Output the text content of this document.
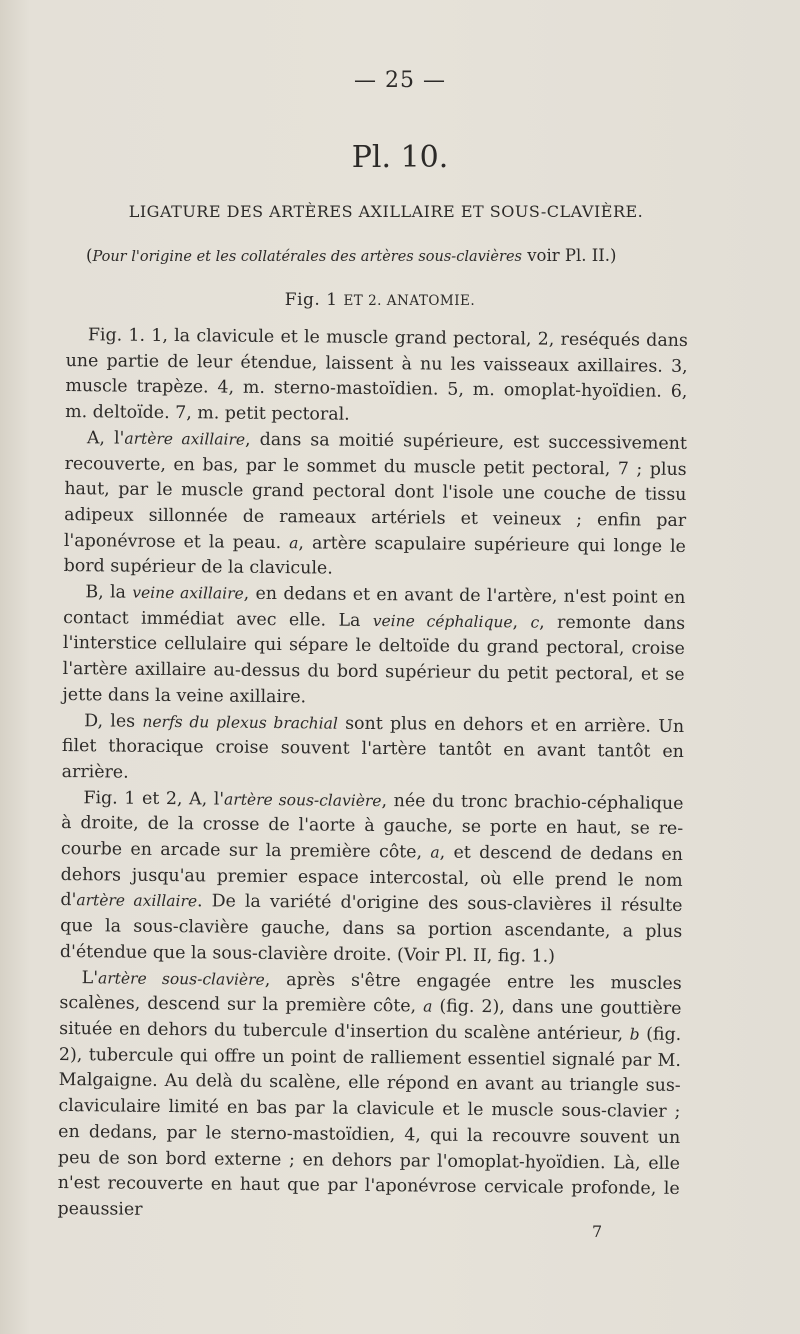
— 25 —
Pl. 10.
LIGATURE DES ARTÈRES AXILLAIRE ET SOUS-CLAVIÈRE.
(Pour l'origine et les collatérales des artères sous-clavières voir Pl. II.)
Fig. 1 ET 2. ANATOMIE.

Fig. 1. 1, la clavicule et le muscle grand pectoral, 2, reséqués dans une partie de leur étendue, laissent à nu les vaisseaux axillaires. 3, muscle trapèze. 4, m. sterno-mastoïdien. 5, m. omoplat-hyoïdien. 6, m. deltoïde. 7, m. petit pectoral.

A, l'artère axillaire, dans sa moitié supérieure, est successivement recouverte, en bas, par le sommet du muscle petit pectoral, 7 ; plus haut, par le muscle grand pectoral dont l'isole une couche de tissu adipeux sillonnée de rameaux artériels et veineux ; enfin par l'aponévrose et la peau. a, artère scapulaire supérieure qui longe le bord supérieur de la clavicule.

B, la veine axillaire, en dedans et en avant de l'artère, n'est point en contact immédiat avec elle. La veine céphalique, c, remonte dans l'interstice cellulaire qui sépare le deltoïde du grand pectoral, croise l'artère axillaire au-dessus du bord supérieur du petit pectoral, et se jette dans la veine axillaire.

D, les nerfs du plexus brachial sont plus en dehors et en arrière. Un filet thoracique croise souvent l'artère tantôt en avant tantôt en arrière.

Fig. 1 et 2, A, l'artère sous-clavière, née du tronc brachio-céphalique à droite, de la crosse de l'aorte à gauche, se porte en haut, se recourbe en arcade sur la première côte, a, et descend de dedans en dehors jusqu'au premier espace intercostal, où elle prend le nom d'artère axillaire. De la variété d'origine des sous-clavières il résulte que la sous-clavière gauche, dans sa portion ascendante, a plus d'étendue que la sous-clavière droite. (Voir Pl. II, fig. 1.)

L'artère sous-clavière, après s'être engagée entre les muscles scalènes, descend sur la première côte, a (fig. 2), dans une gouttière située en dehors du tubercule d'insertion du scalène antérieur, b (fig. 2), tubercule qui offre un point de ralliement essentiel signalé par M. Malgaigne. Au delà du scalène, elle répond en avant au triangle sus-claviculaire limité en bas par la clavicule et le muscle sous-clavier ; en dedans, par le sterno-mastoïdien, 4, qui la recouvre souvent un peu de son bord externe ; en dehors par l'omoplat-hyoïdien. Là, elle n'est recouverte en haut que par l'aponévrose cervicale profonde, le peaussier

7
